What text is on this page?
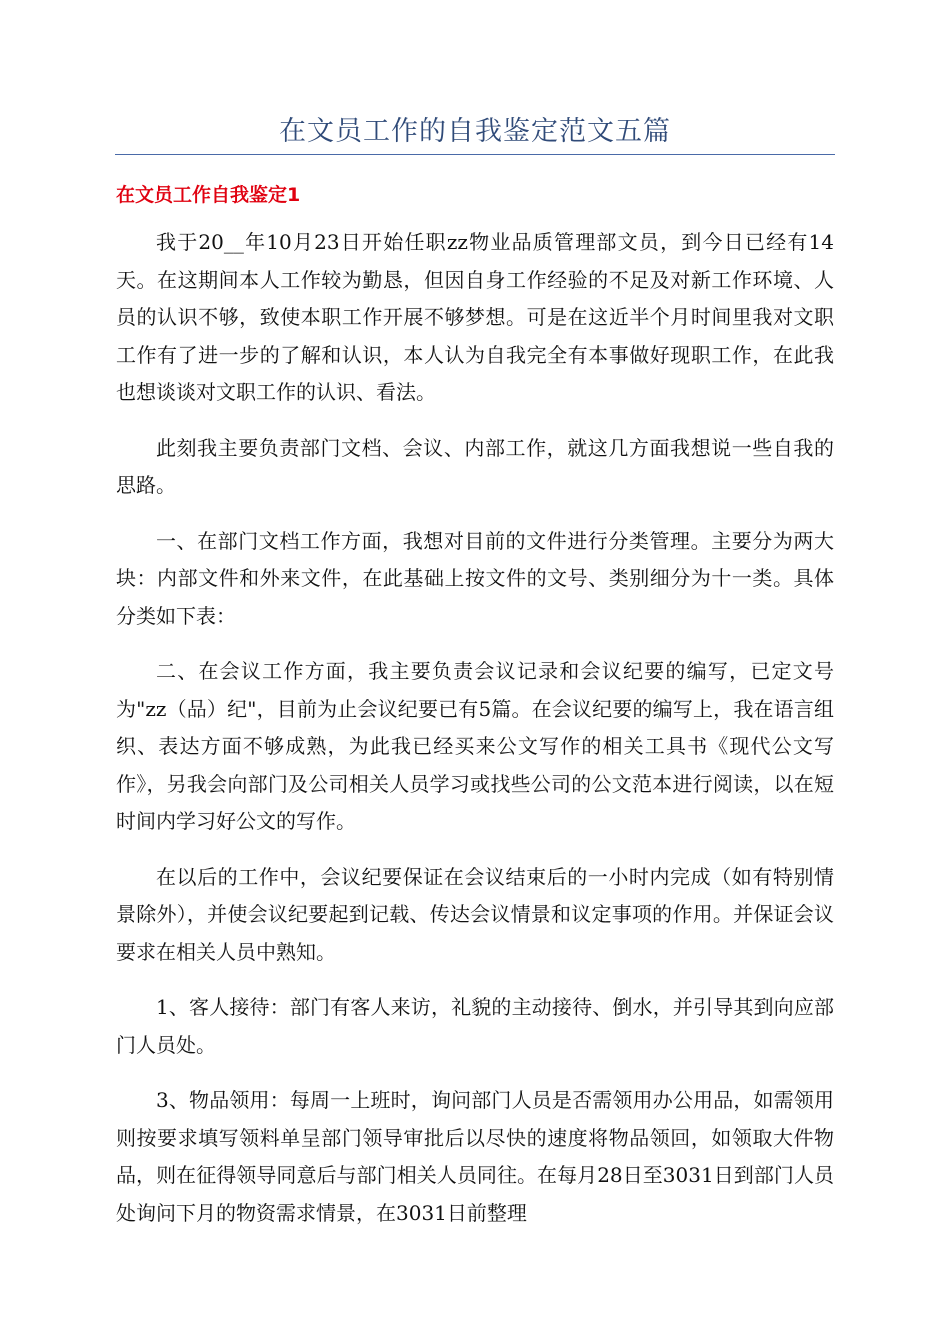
在文员工作的自我鉴定范文五篇
在文员工作自我鉴定1

我于20__年10月23日开始任职zz物业品质管理部文员，到今日已经有14天。在这期间本人工作较为勤恳，但因自身工作经验的不足及对新工作环境、人员的认识不够，致使本职工作开展不够梦想。可是在这近半个月时间里我对文职工作有了进一步的了解和认识，本人认为自我完全有本事做好现职工作，在此我也想谈谈对文职工作的认识、看法。

此刻我主要负责部门文档、会议、内部工作，就这几方面我想说一些自我的思路。

一、在部门文档工作方面，我想对目前的文件进行分类管理。主要分为两大块：内部文件和外来文件，在此基础上按文件的文号、类别细分为十一类。具体分类如下表：

二、在会议工作方面，我主要负责会议记录和会议纪要的编写，已定文号为"zz（品）纪"，目前为止会议纪要已有5篇。在会议纪要的编写上，我在语言组织、表达方面不够成熟，为此我已经买来公文写作的相关工具书《现代公文写作》，另我会向部门及公司相关人员学习或找些公司的公文范本进行阅读，以在短时间内学习好公文的写作。

在以后的工作中，会议纪要保证在会议结束后的一小时内完成（如有特别情景除外），并使会议纪要起到记载、传达会议情景和议定事项的作用。并保证会议要求在相关人员中熟知。

1、客人接待：部门有客人来访，礼貌的主动接待、倒水，并引导其到向应部门人员处。

3、物品领用：每周一上班时，询问部门人员是否需领用办公用品，如需领用则按要求填写领料单呈部门领导审批后以尽快的速度将物品领回，如领取大件物品，则在征得领导同意后与部门相关人员同往。在每月28日至3031日到部门人员处询问下月的物资需求情景，在3031日前整理
